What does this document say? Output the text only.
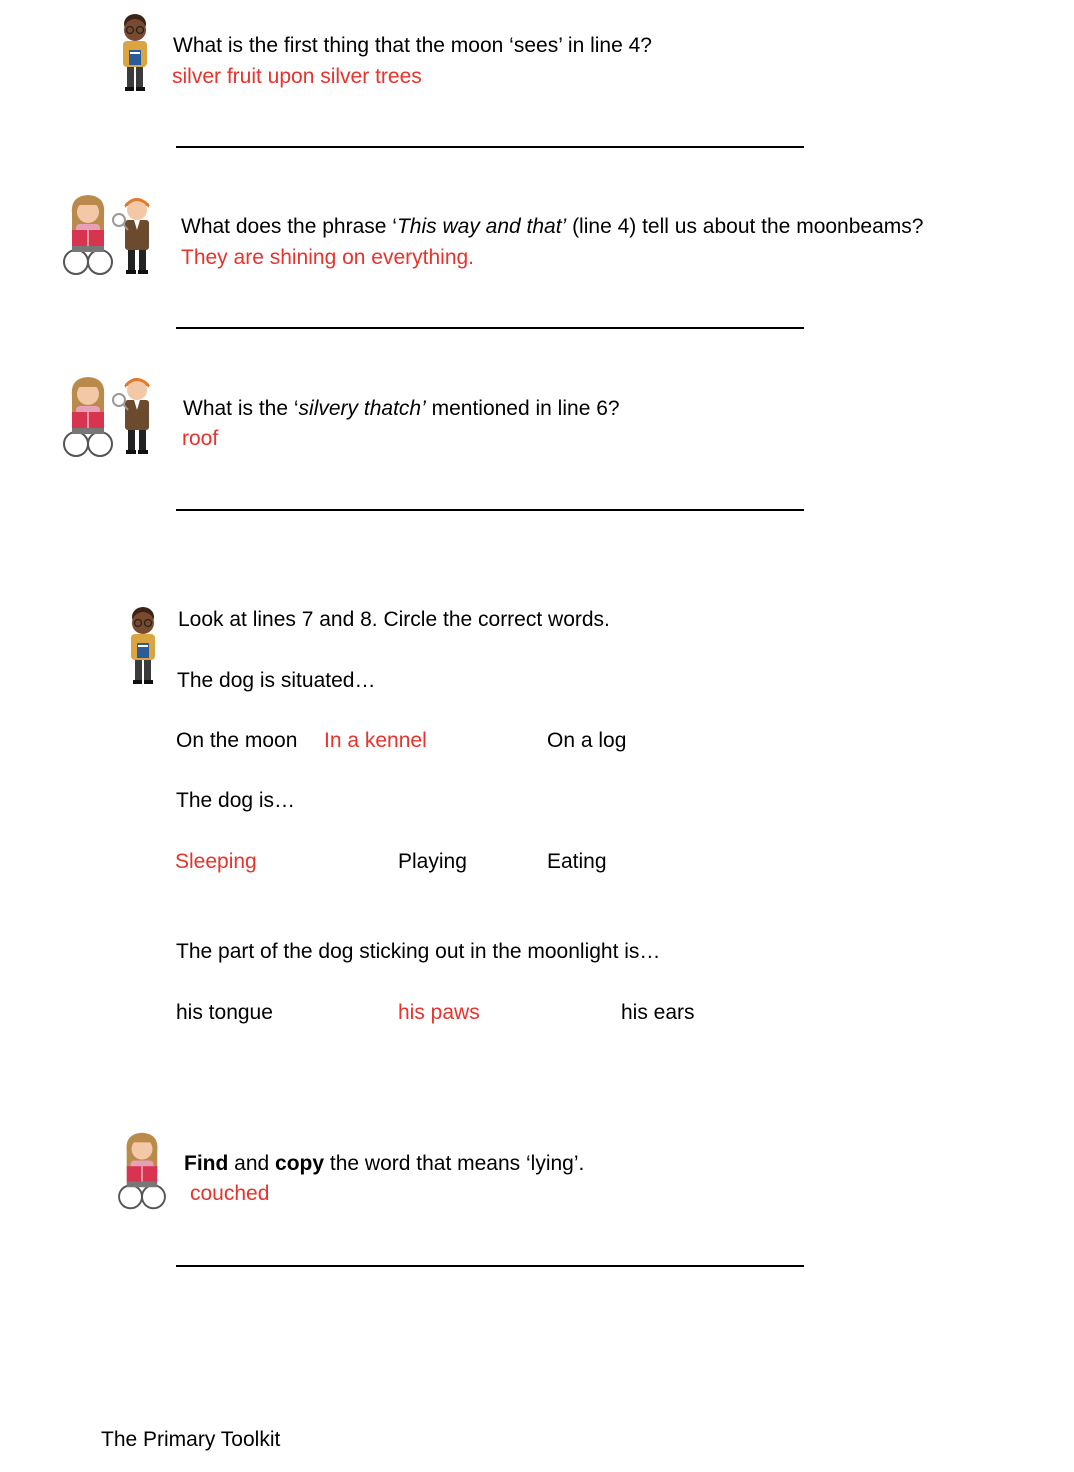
What is the first thing that the moon ‘sees’ in line 4?
silver fruit upon silver trees
What does the phrase ‘This way and that’ (line 4) tell us about the moonbeams?
They are shining on everything.
What is the ‘silvery thatch’ mentioned in line 6?
roof
Look at lines 7 and 8. Circle the correct words.
The dog is situated…
On the moon In a kennel	On a log
The dog is…
Sleeping	Playing	Eating
The part of the dog sticking out in the moonlight is…
his tongue	his paws	his ears
Find and copy the word that means ‘lying’.
couched
The Primary Toolkit
